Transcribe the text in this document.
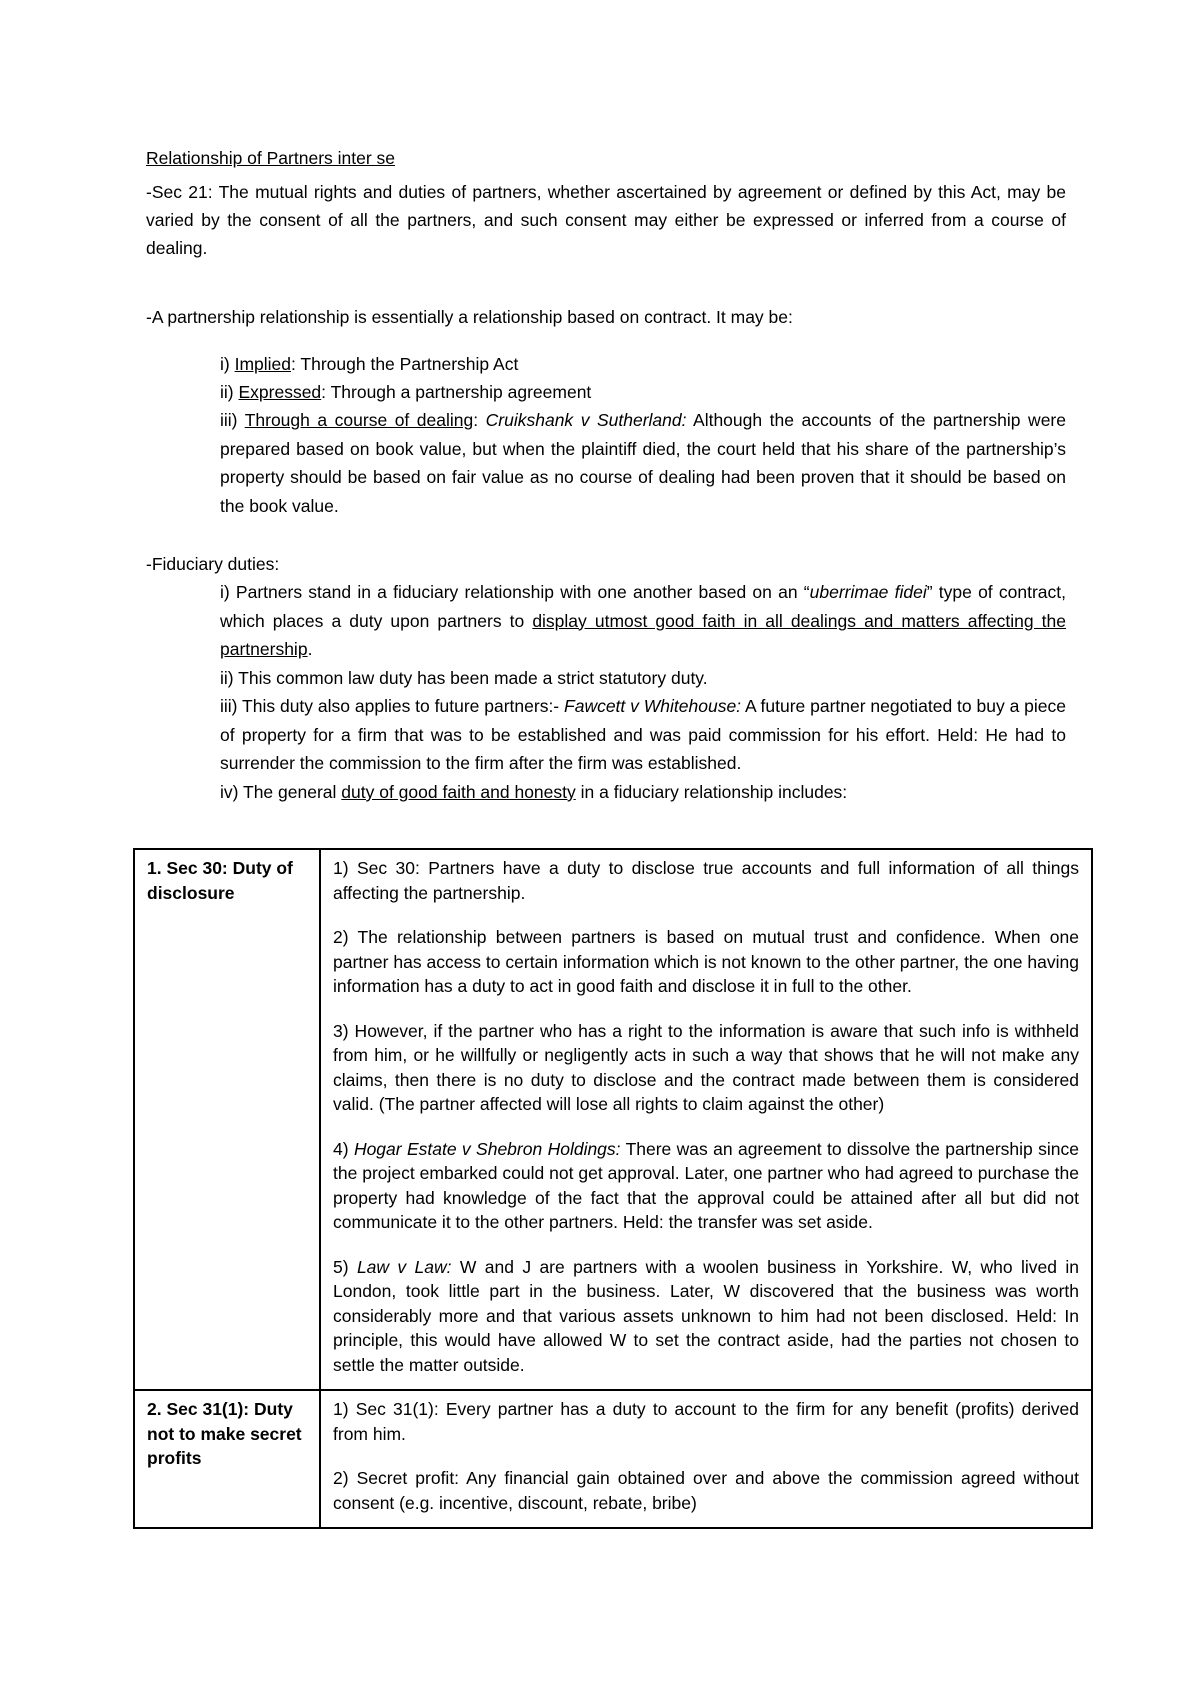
Relationship of Partners inter se
-Sec 21: The mutual rights and duties of partners, whether ascertained by agreement or defined by this Act, may be varied by the consent of all the partners, and such consent may either be expressed or inferred from a course of dealing.
-A partnership relationship is essentially a relationship based on contract. It may be:
i) Implied: Through the Partnership Act
ii) Expressed: Through a partnership agreement
iii) Through a course of dealing: Cruikshank v Sutherland: Although the accounts of the partnership were prepared based on book value, but when the plaintiff died, the court held that his share of the partnership’s property should be based on fair value as no course of dealing had been proven that it should be based on the book value.
-Fiduciary duties:
i) Partners stand in a fiduciary relationship with one another based on an “uberrimae fidei” type of contract, which places a duty upon partners to display utmost good faith in all dealings and matters affecting the partnership.
ii) This common law duty has been made a strict statutory duty.
iii) This duty also applies to future partners:- Fawcett v Whitehouse: A future partner negotiated to buy a piece of property for a firm that was to be established and was paid commission for his effort. Held: He had to surrender the commission to the firm after the firm was established.
iv) The general duty of good faith and honesty in a fiduciary relationship includes:
1. Sec 30: Duty of disclosure	1) Sec 30: Partners have a duty to disclose true accounts and full information of all things affecting the partnership.

2) The relationship between partners is based on mutual trust and confidence. When one partner has access to certain information which is not known to the other partner, the one having information has a duty to act in good faith and disclose it in full to the other.

3) However, if the partner who has a right to the information is aware that such info is withheld from him, or he willfully or negligently acts in such a way that shows that he will not make any claims, then there is no duty to disclose and the contract made between them is considered valid. (The partner affected will lose all rights to claim against the other)

4) Hogar Estate v Shebron Holdings: There was an agreement to dissolve the partnership since the project embarked could not get approval. Later, one partner who had agreed to purchase the property had knowledge of the fact that the approval could be attained after all but did not communicate it to the other partners. Held: the transfer was set aside.

5) Law v Law: W and J are partners with a woolen business in Yorkshire. W, who lived in London, took little part in the business. Later, W discovered that the business was worth considerably more and that various assets unknown to him had not been disclosed. Held: In principle, this would have allowed W to set the contract aside, had the parties not chosen to settle the matter outside.

2. Sec 31(1): Duty not to make secret profits	1) Sec 31(1): Every partner has a duty to account to the firm for any benefit (profits) derived from him.

2) Secret profit: Any financial gain obtained over and above the commission agreed without consent (e.g. incentive, discount, rebate, bribe)
